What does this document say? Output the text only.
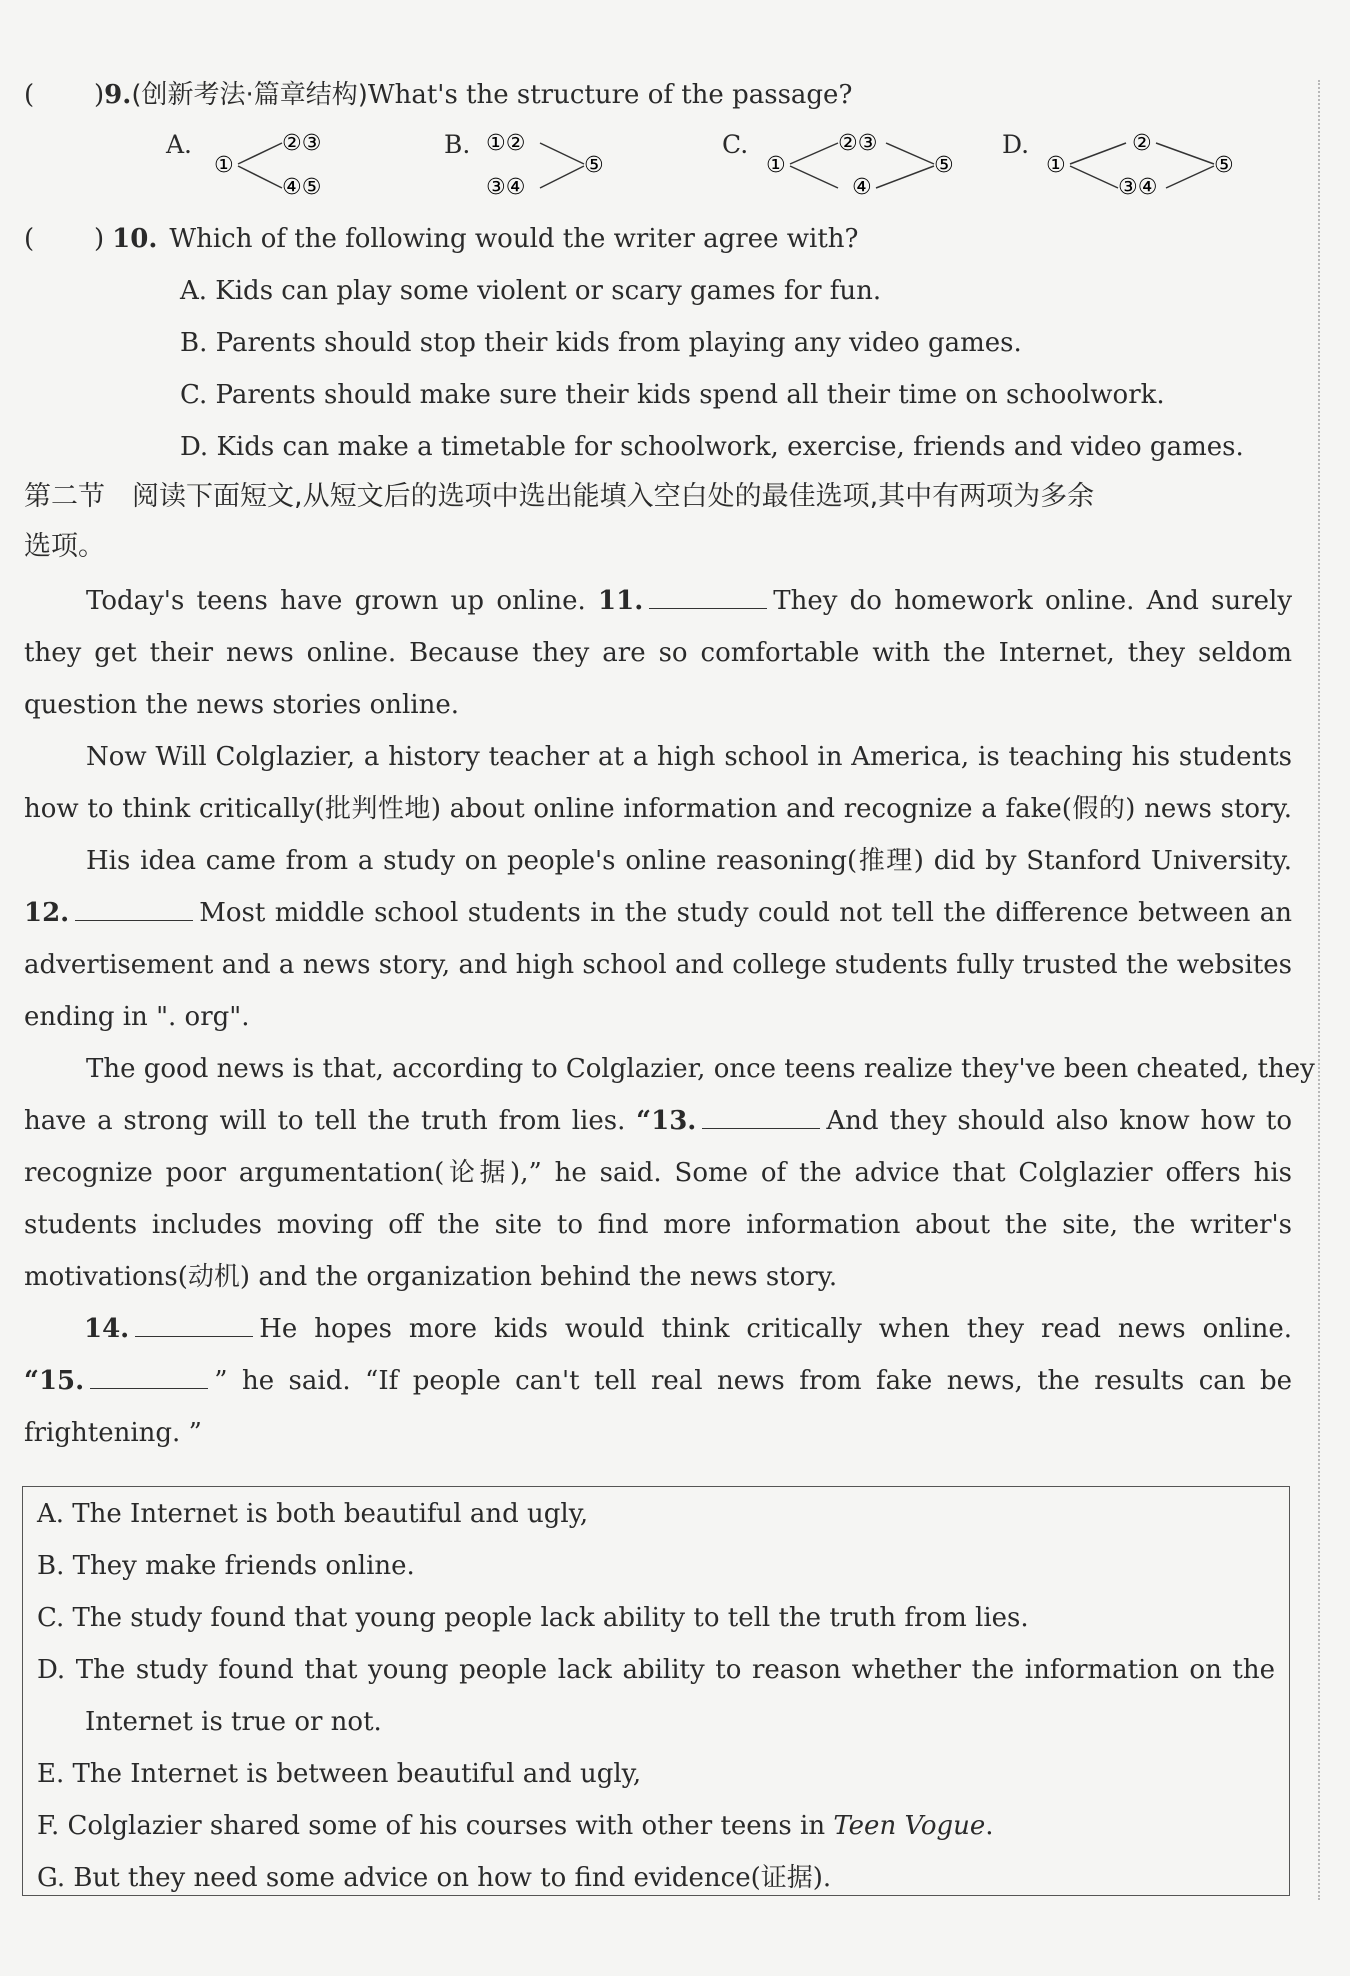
( )9.(创新考法·篇章结构)What's the structure of the passage?
A.
①
②③
④⑤
B. ①②
③④
⑤
C.
①
②③
④
⑤
D.
①
②
③④
⑤
( ) 10. Which of the following would the writer agree with?
A. Kids can play some violent or scary games for fun.
B. Parents should stop their kids from playing any video games.
C. Parents should make sure their kids spend all their time on schoolwork.
D. Kids can make a timetable for schoolwork, exercise, friends and video games.
第二节　阅读下面短文,从短文后的选项中选出能填入空白处的最佳选项,其中有两项为多余
选项。
Today's teens have grown up online. 11.	They do homework online. And surely
they get their news online. Because they are so comfortable with the Internet, they seldom
question the news stories online.
Now Will Colglazier, a history teacher at a high school in America, is teaching his students
how to think critically(批判性地) about online information and recognize a fake(假的) news story.
His idea came from a study on people's online reasoning(推理) did by Stanford University.
12.	Most middle school students in the study could not tell the difference between an
advertisement and a news story, and high school and college students fully trusted the websites
ending in ". org".
The good news is that, according to Colglazier, once teens realize they've been cheated, they
have a strong will to tell the truth from lies. “13.	And they should also know how to
recognize poor argumentation(论据),” he said. Some of the advice that Colglazier offers his
students includes moving off the site to find more information about the site, the writer's
motivations(动机) and the organization behind the news story.
14.	He hopes more kids would think critically when they read news online.
“15.	” he said. “If people can't tell real news from fake news, the results can be
frightening. ”
A. The Internet is both beautiful and ugly,
B. They make friends online.
C. The study found that young people lack ability to tell the truth from lies.
D. The study found that young people lack ability to reason whether the information on the
Internet is true or not.
E. The Internet is between beautiful and ugly,
F. Colglazier shared some of his courses with other teens in Teen Vogue.
G. But they need some advice on how to find evidence(证据).
